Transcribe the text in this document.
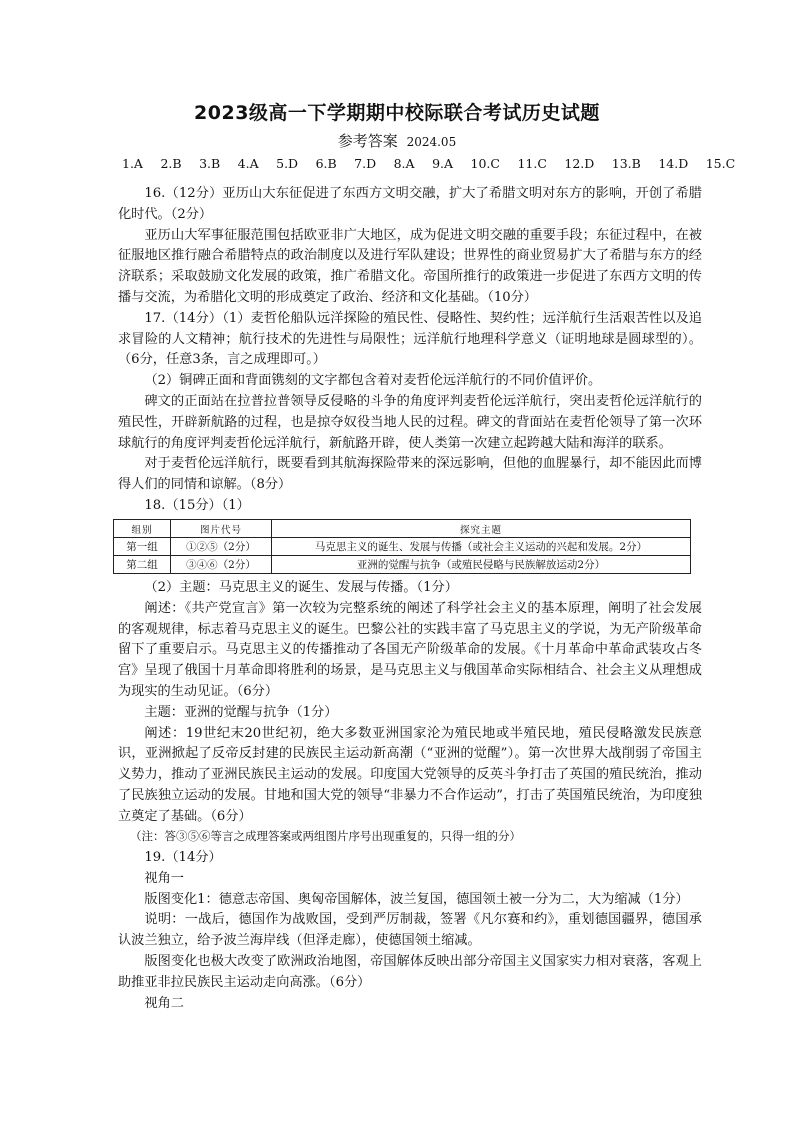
2023级高一下学期期中校际联合考试历史试题
参考答案 2024.05
1.A 2.B 3.B 4.A 5.D 6.B 7.D 8.A 9.A 10.C 11.C 12.D 13.B 14.D 15.C

16.（12分）亚历山大东征促进了东西方文明交融，扩大了希腊文明对东方的影响，开创了希腊化时代。（2分）

亚历山大军事征服范围包括欧亚非广大地区，成为促进文明交融的重要手段；东征过程中，在被征服地区推行融合希腊特点的政治制度以及进行军队建设；世界性的商业贸易扩大了希腊与东方的经济联系；采取鼓励文化发展的政策，推广希腊文化。帝国所推行的政策进一步促进了东西方文明的传播与交流，为希腊化文明的形成奠定了政治、经济和文化基础。（10分）

17.（14分）（1）麦哲伦船队远洋探险的殖民性、侵略性、契约性；远洋航行生活艰苦性以及追求冒险的人文精神；航行技术的先进性与局限性；远洋航行地理科学意义（证明地球是圆球型的）。（6分，任意3条，言之成理即可。）

（2）铜碑正面和背面镌刻的文字都包含着对麦哲伦远洋航行的不同价值评价。

碑文的正面站在拉普拉普领导反侵略的斗争的角度评判麦哲伦远洋航行，突出麦哲伦远洋航行的殖民性，开辟新航路的过程，也是掠夺奴役当地人民的过程。碑文的背面站在麦哲伦领导了第一次环球航行的角度评判麦哲伦远洋航行，新航路开辟，使人类第一次建立起跨越大陆和海洋的联系。

对于麦哲伦远洋航行，既要看到其航海探险带来的深远影响，但他的血腥暴行，却不能因此而博得人们的同情和谅解。（8分）

18.（15分）（1）

组别	图片代号	探究主题
第一组	①②⑤（2分）	马克思主义的诞生、发展与传播（或社会主义运动的兴起和发展。2分）
第二组	③④⑥（2分）	亚洲的觉醒与抗争（或殖民侵略与民族解放运动2分）

（2）主题：马克思主义的诞生、发展与传播。（1分）

阐述：《共产党宣言》第一次较为完整系统的阐述了科学社会主义的基本原理，阐明了社会发展的客观规律，标志着马克思主义的诞生。巴黎公社的实践丰富了马克思主义的学说，为无产阶级革命留下了重要启示。马克思主义的传播推动了各国无产阶级革命的发展。《十月革命中革命武装攻占冬宫》呈现了俄国十月革命即将胜利的场景，是马克思主义与俄国革命实际相结合、社会主义从理想成为现实的生动见证。（6分）

主题：亚洲的觉醒与抗争（1分）

阐述：19世纪末20世纪初，绝大多数亚洲国家沦为殖民地或半殖民地，殖民侵略激发民族意识，亚洲掀起了反帝反封建的民族民主运动新高潮（“亚洲的觉醒”）。第一次世界大战削弱了帝国主义势力，推动了亚洲民族民主运动的发展。印度国大党领导的反英斗争打击了英国的殖民统治，推动了民族独立运动的发展。甘地和国大党的领导“非暴力不合作运动”，打击了英国殖民统治，为印度独立奠定了基础。（6分）

（注：答③⑤⑥等言之成理答案或两组图片序号出现重复的，只得一组的分）

19.（14分）

视角一

版图变化1：德意志帝国、奥匈帝国解体，波兰复国，德国领土被一分为二，大为缩减（1分）

说明：一战后，德国作为战败国，受到严厉制裁，签署《凡尔赛和约》，重划德国疆界，德国承认波兰独立，给予波兰海岸线（但泽走廊），使德国领土缩减。

版图变化也极大改变了欧洲政治地图，帝国解体反映出部分帝国主义国家实力相对衰落，客观上助推亚非拉民族民主运动走向高涨。（6分）

视角二
